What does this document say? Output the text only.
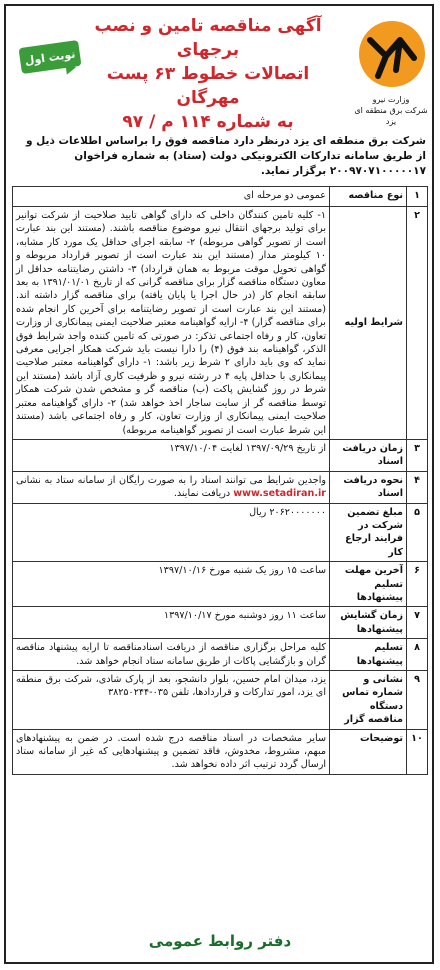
نوبت اول
آگهی مناقصه تامین و نصب برجهای
اتصالات خطوط ۶۳ پست مهرگان
به شماره ۱۱۴ م / ۹۷
وزارت نیرو
شرکت برق منطقه ای یزد
شرکت برق منطقه ای یزد درنظر دارد مناقصه فوق را براساس اطلاعات ذیل و از طریق سامانه تدارکات الکترونیکی دولت (ستاد) به شماره فراخوان ۲۰۰۹۷۰۷۱۰۰۰۰۰۱۷ برگزار نماید.
۱	نوع مناقصه	عمومی دو مرحله ای
۲	شرایط اولیه	۱- کلیه تامین کنندگان داخلی که دارای گواهی تایید صلاحیت از شرکت توانیر برای تولید برجهای انتقال نیرو موضوع مناقصه باشند. (مستند این بند عبارت است از تصویر گواهی مربوطه) ۲- سابقه اجرای حداقل یک مورد کار مشابه، ۱۰ کیلومتر مدار (مستند این بند عبارت است از تصویر قرارداد مربوطه و گواهی تحویل موقت مربوط به همان قرارداد) ۳- داشتن رضایتنامه حداقل از معاون دستگاه مناقصه گزار برای مناقصه گرانی که از تاریخ ۱۳۹۱/۰۱/۰۱ به بعد سابقه انجام کار (در حال اجرا یا پایان یافته) برای مناقصه گزار داشته اند. (مستند این بند عبارت است از تصویر رضایتنامه برای آخرین کار انجام شده برای مناقصه گزار) ۴- ارایه گواهینامه معتبر صلاحیت ایمنی پیمانکاری از وزارت تعاون، کار و رفاه اجتماعی تذکر: در صورتی که تامین کننده واجد شرایط فوق الذکر، گواهینامه بند فوق (۴) را دارا نیست باید شرکت همکار اجرایی معرفی نماید که وی باید دارای ۲ شرط زیر باشد: ۱- دارای گواهینامه معتبر صلاحیت پیمانکاری با حداقل پایه ۴ در رشته نیرو و ظرفیت کاری آزاد باشد (مستند این شرط در روز گشایش پاکت (ب) مناقصه گر و مشخص شدن شرکت همکار توسط مناقصه گر از سایت ساجار اخذ خواهد شد) ۲- دارای گواهینامه معتبر صلاحیت ایمنی پیمانکاری از وزارت تعاون، کار و رفاه اجتماعی باشد (مستند این شرط عبارت است از تصویر گواهینامه مربوطه)
۳	زمان دریافت اسناد	از تاریخ ۱۳۹۷/۰۹/۲۹ لغایت ۱۳۹۷/۱۰/۰۴
۴	نحوه دریافت اسناد	واجدین شرایط می توانند اسناد را به صورت رایگان از سامانه ستاد به نشانی www.setadiran.ir دریافت نمایند.
۵	مبلغ تضمین شرکت در فرایند ارجاع کار	۲۰۶۲۰۰۰۰۰۰۰ ریال
۶	آخرین مهلت تسلیم پیشنهادها	ساعت ۱۵ روز یک شنبه مورخ ۱۳۹۷/۱۰/۱۶
۷	زمان گشایش پیشنهادها	ساعت ۱۱ روز دوشنبه مورخ ۱۳۹۷/۱۰/۱۷
۸	تسلیم پیشنهادها	کلیه مراحل برگزاری مناقصه از دریافت اسنادمناقصه تا ارایه پیشنهاد مناقصه گران و بازگشایی پاکات از طریق سامانه ستاد انجام خواهد شد.
۹	نشانی و شماره تماس دستگاه مناقصه گزار	یزد، میدان امام حسین، بلوار دانشجو، بعد از پارک شادی، شرکت برق منطقه ای یزد، امور تدارکات و قراردادها، تلفن ۰۳۵-۳۸۲۵۰۲۴۴
۱۰	توضیحات	سایر مشخصات در اسناد مناقصه درج شده است. در ضمن به پیشنهادهای مبهم، مشروط، مخدوش، فاقد تضمین و پیشنهادهایی که غیر از سامانه ستاد ارسال گردد ترتیب اثر داده نخواهد شد.
دفتر روابط عمومی
